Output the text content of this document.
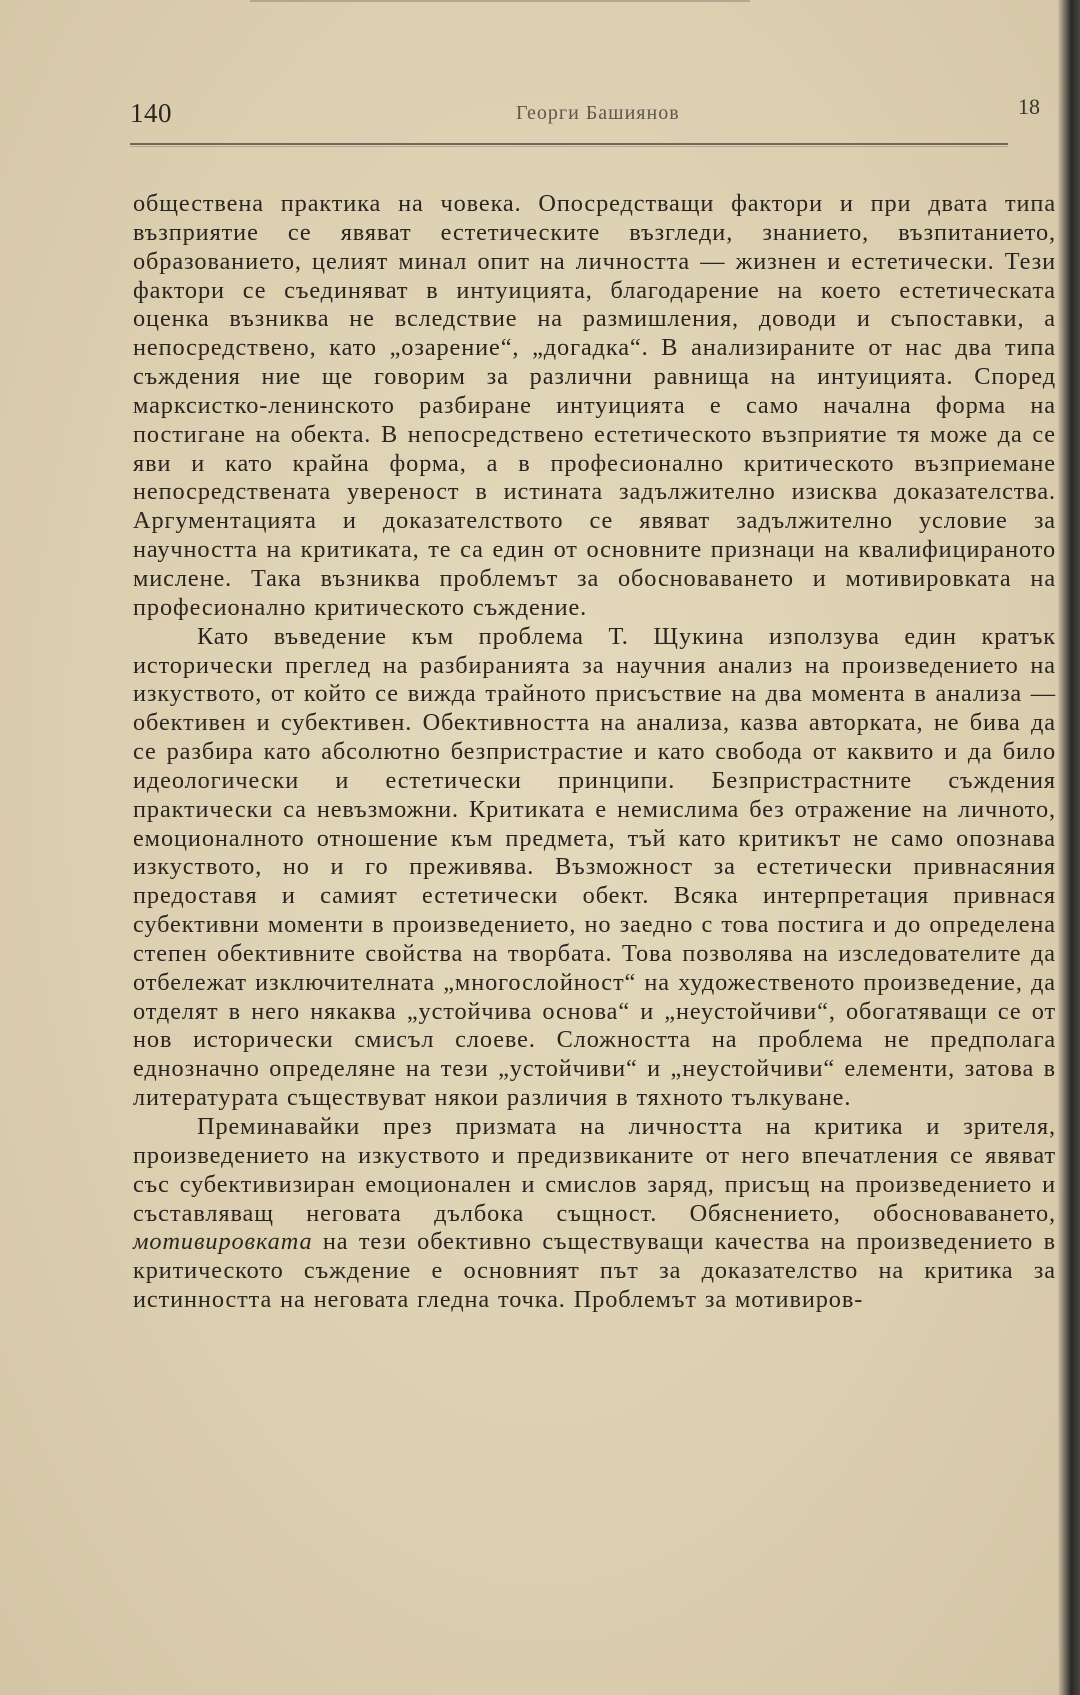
140	Георги Башиянов	18

обществена практика на човека. Опосредстващи фактори и при двата типа възприятие се явяват естетическите възгледи, знанието, възпитанието, образованието, целият минал опит на личността — жизнен и естетически. Тези фактори се съединяват в интуицията, благодарение на което естетическата оценка възниква не вследствие на размишления, доводи и съпоставки, а непосредствено, като „озарение“, „догадка“. В анализираните от нас два типа съждения ние ще говорим за различни равнища на интуицията. Според марксистко-ленинското разбиране интуицията е само начална форма на постигане на обекта. В непосредствено естетическото възприятие тя може да се яви и като крайна форма, а в професионално критическото възприемане непосредствената увереност в истината задължително изисква доказателства. Аргументацията и доказателството се явяват задължително условие за научността на критиката, те са един от основните признаци на квалифицираното мислене. Така възниква проблемът за обосноваването и мотивировката на професионално критическото съждение.

Като въведение към проблема Т. Щукина използува един кратък исторически преглед на разбиранията за научния анализ на произведението на изкуството, от който се вижда трайното присъствие на два момента в анализа — обективен и субективен. Обективността на анализа, казва авторката, не бива да се разбира като абсолютно безпристрастие и като свобода от каквито и да било идеологически и естетически принципи. Безпристрастните съждения практически са невъзможни. Критиката е немислима без отражение на личното, емоционалното отношение към предмета, тъй като критикът не само опознава изкуството, но и го преживява. Възможност за естетически привнасяния предоставя и самият естетически обект. Всяка интерпретация привнася субективни моменти в произведението, но заедно с това постига и до определена степен обективните свойства на творбата. Това позволява на изследователите да отбележат изключителната „многослойност“ на художественото произведение, да отделят в него някаква „устойчива основа“ и „неустойчиви“, обогатяващи се от нов исторически смисъл слоеве. Сложността на проблема не предполага еднозначно определяне на тези „устойчиви“ и „неустойчиви“ елементи, затова в литературата съществуват някои различия в тяхното тълкуване.

Преминавайки през призмата на личността на критика и зрителя, произведението на изкуството и предизвиканите от него впечатления се явяват със субективизиран емоционален и смислов заряд, присъщ на произведението и съставляващ неговата дълбока същност. Обяснението, обосноваването, мотивировката на тези обективно съществуващи качества на произведението в критическото съждение е основният път за доказателство на критика за истинността на неговата гледна точка. Проблемът за мотивиров-
